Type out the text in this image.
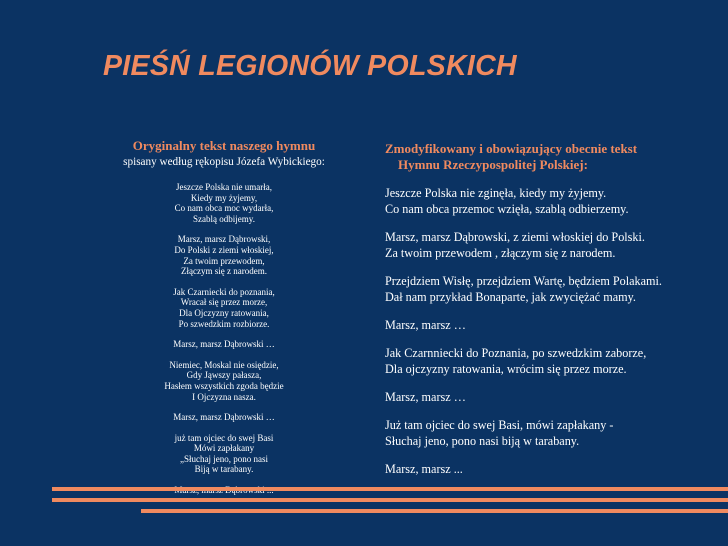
PIEŚŃ LEGIONÓW POLSKICH
Oryginalny tekst naszego hymnu
spisany według rękopisu Józefa Wybickiego:
Jeszcze Polska nie umarła,
Kiedy my żyjemy,
Co nam obca moc wydarła,
Szablą odbijemy.
Marsz, marsz Dąbrowski,
Do Polski z ziemi włoskiej,
Za twoim przewodem,
Złączym się z narodem.
Jak Czarniecki do poznania,
Wracał się przez morze,
Dla Ojczyzny ratowania,
Po szwedzkim rozbiorze.
Marsz, marsz Dąbrowski …
Niemiec, Moskal nie osiędzie,
Gdy Jąwszy pałasza,
Hasłem wszystkich zgoda będzie
I Ojczyzna nasza.
Marsz, marsz Dąbrowski …
już tam ojciec do swej Basi
Mówi zapłakany
„Słuchaj jeno, pono nasi
Biją w tarabany.
Zmodyfikowany i obowiązujący obecnie tekst
Hymnu Rzeczypospolitej Polskiej:
Jeszcze Polska nie zginęła, kiedy my żyjemy.
Co nam obca przemoc wzięła, szablą odbierzemy.
Marsz, marsz Dąbrowski, z ziemi włoskiej do Polski.
Za twoim przewodem , złączym się z narodem.
Przejdziem Wisłę, przejdziem Wartę, będziem Polakami.
Dał nam przykład Bonaparte, jak zwyciężać mamy.
Marsz, marsz …
Jak Czarnniecki do Poznania, po szwedzkim zaborze,
Dla ojczyzny ratowania, wrócim się przez morze.
Marsz, marsz …
Już tam ojciec do swej Basi, mówi zapłakany -
Słuchaj jeno, pono nasi biją w tarabany.
Marsz, marsz ...
